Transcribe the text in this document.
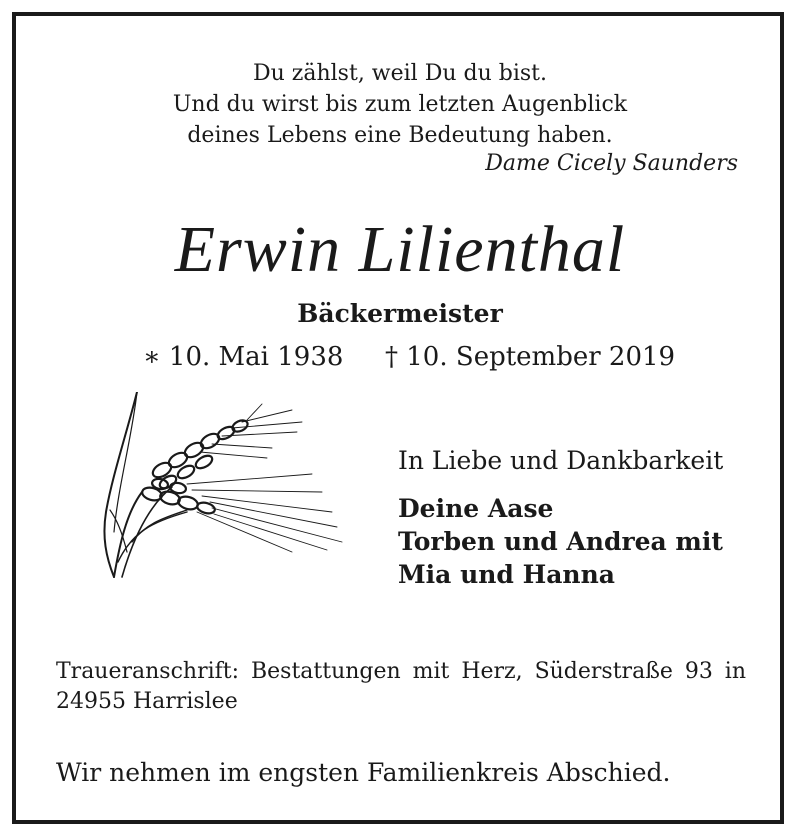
Du zählst, weil Du du bist.
Und du wirst bis zum letzten Augenblick
deines Lebens eine Bedeutung haben.
Dame Cicely Saunders
Erwin Lilienthal
Bäckermeister
∗ 10. Mai 1938 † 10. September 2019
In Liebe und Dankbarkeit
Deine Aase
Torben und Andrea mit
Mia und Hanna
Traueranschrift: Bestattungen mit Herz, Süderstraße 93 in 24955 Harrislee
Wir nehmen im engsten Familienkreis Abschied.
